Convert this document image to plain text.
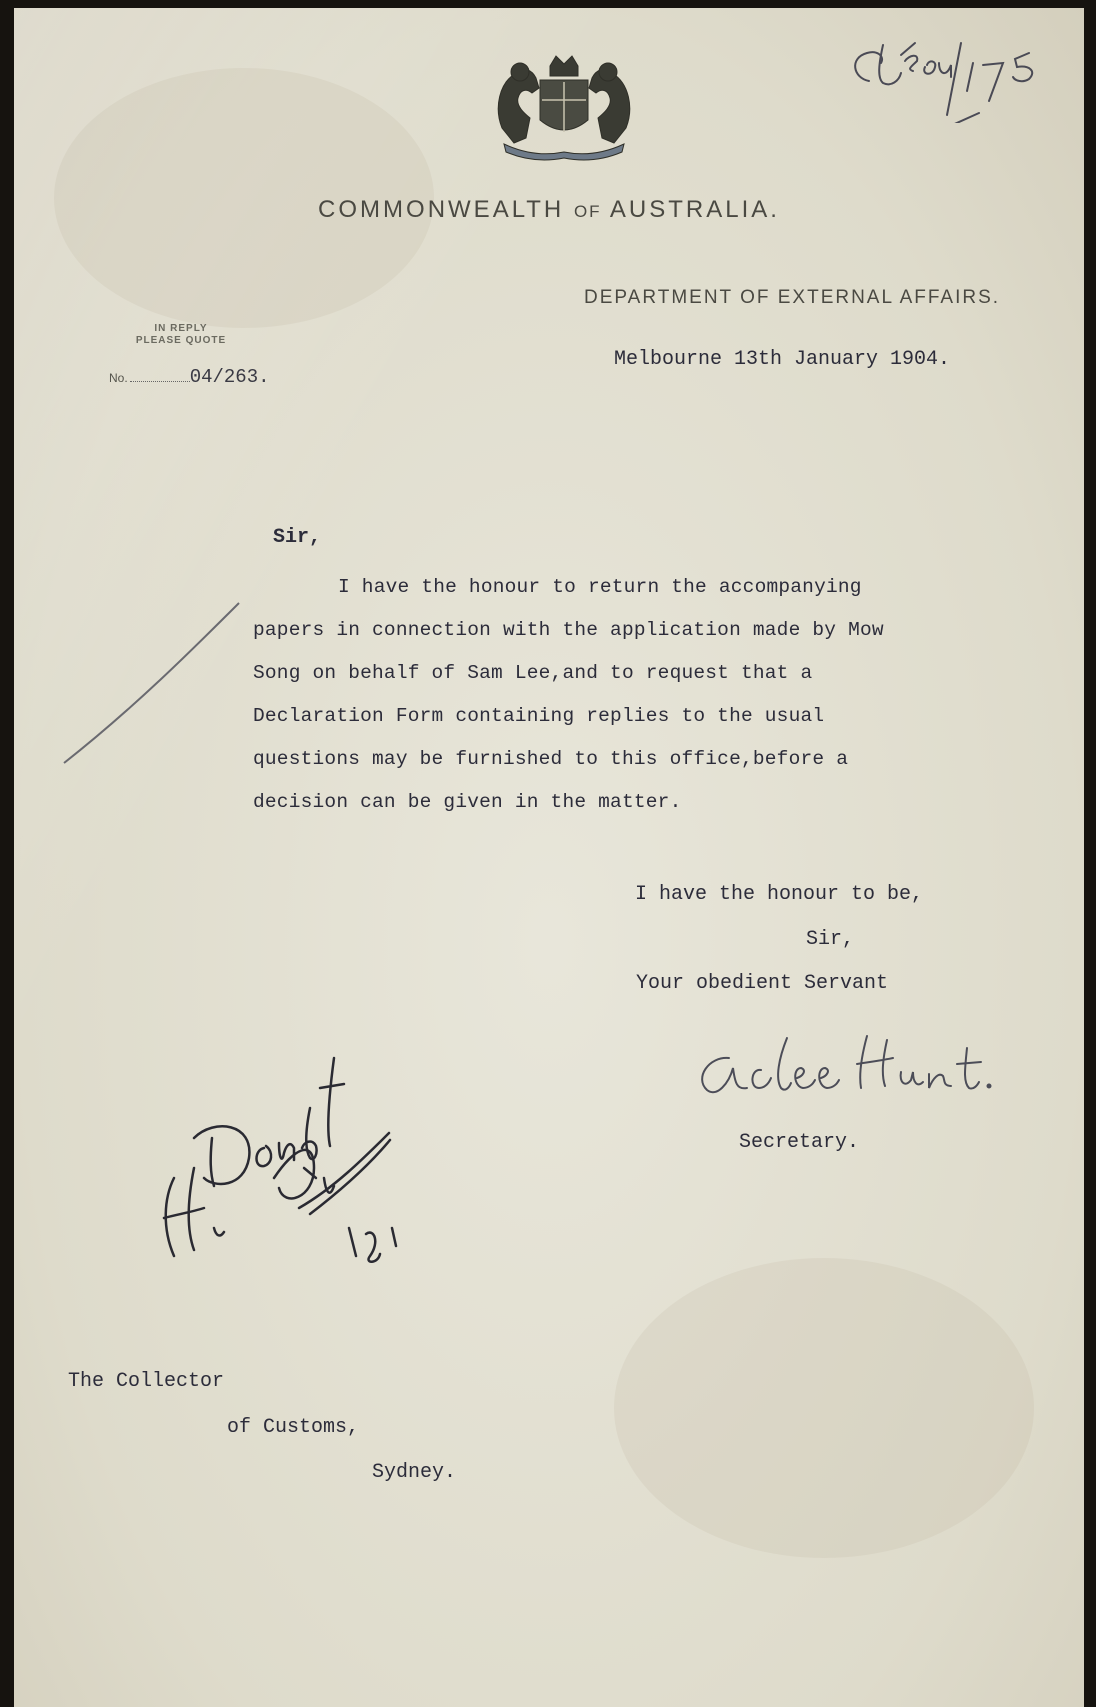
COMMONWEALTH OF AUSTRALIA.
DEPARTMENT OF EXTERNAL AFFAIRS.
IN REPLY
PLEASE QUOTE
No.	04/263.
Melbourne 13th January 1904.
Sir,
I have the honour to return the accompanying
papers in connection with the application made by Mow
Song on behalf of Sam Lee,and to request that a
Declaration Form containing replies to the usual
questions may be furnished to this office,before a
decision can be given in the matter.
I have the honour to be,
Sir,
Your obedient Servant
Secretary.
The Collector
of Customs,
Sydney.
